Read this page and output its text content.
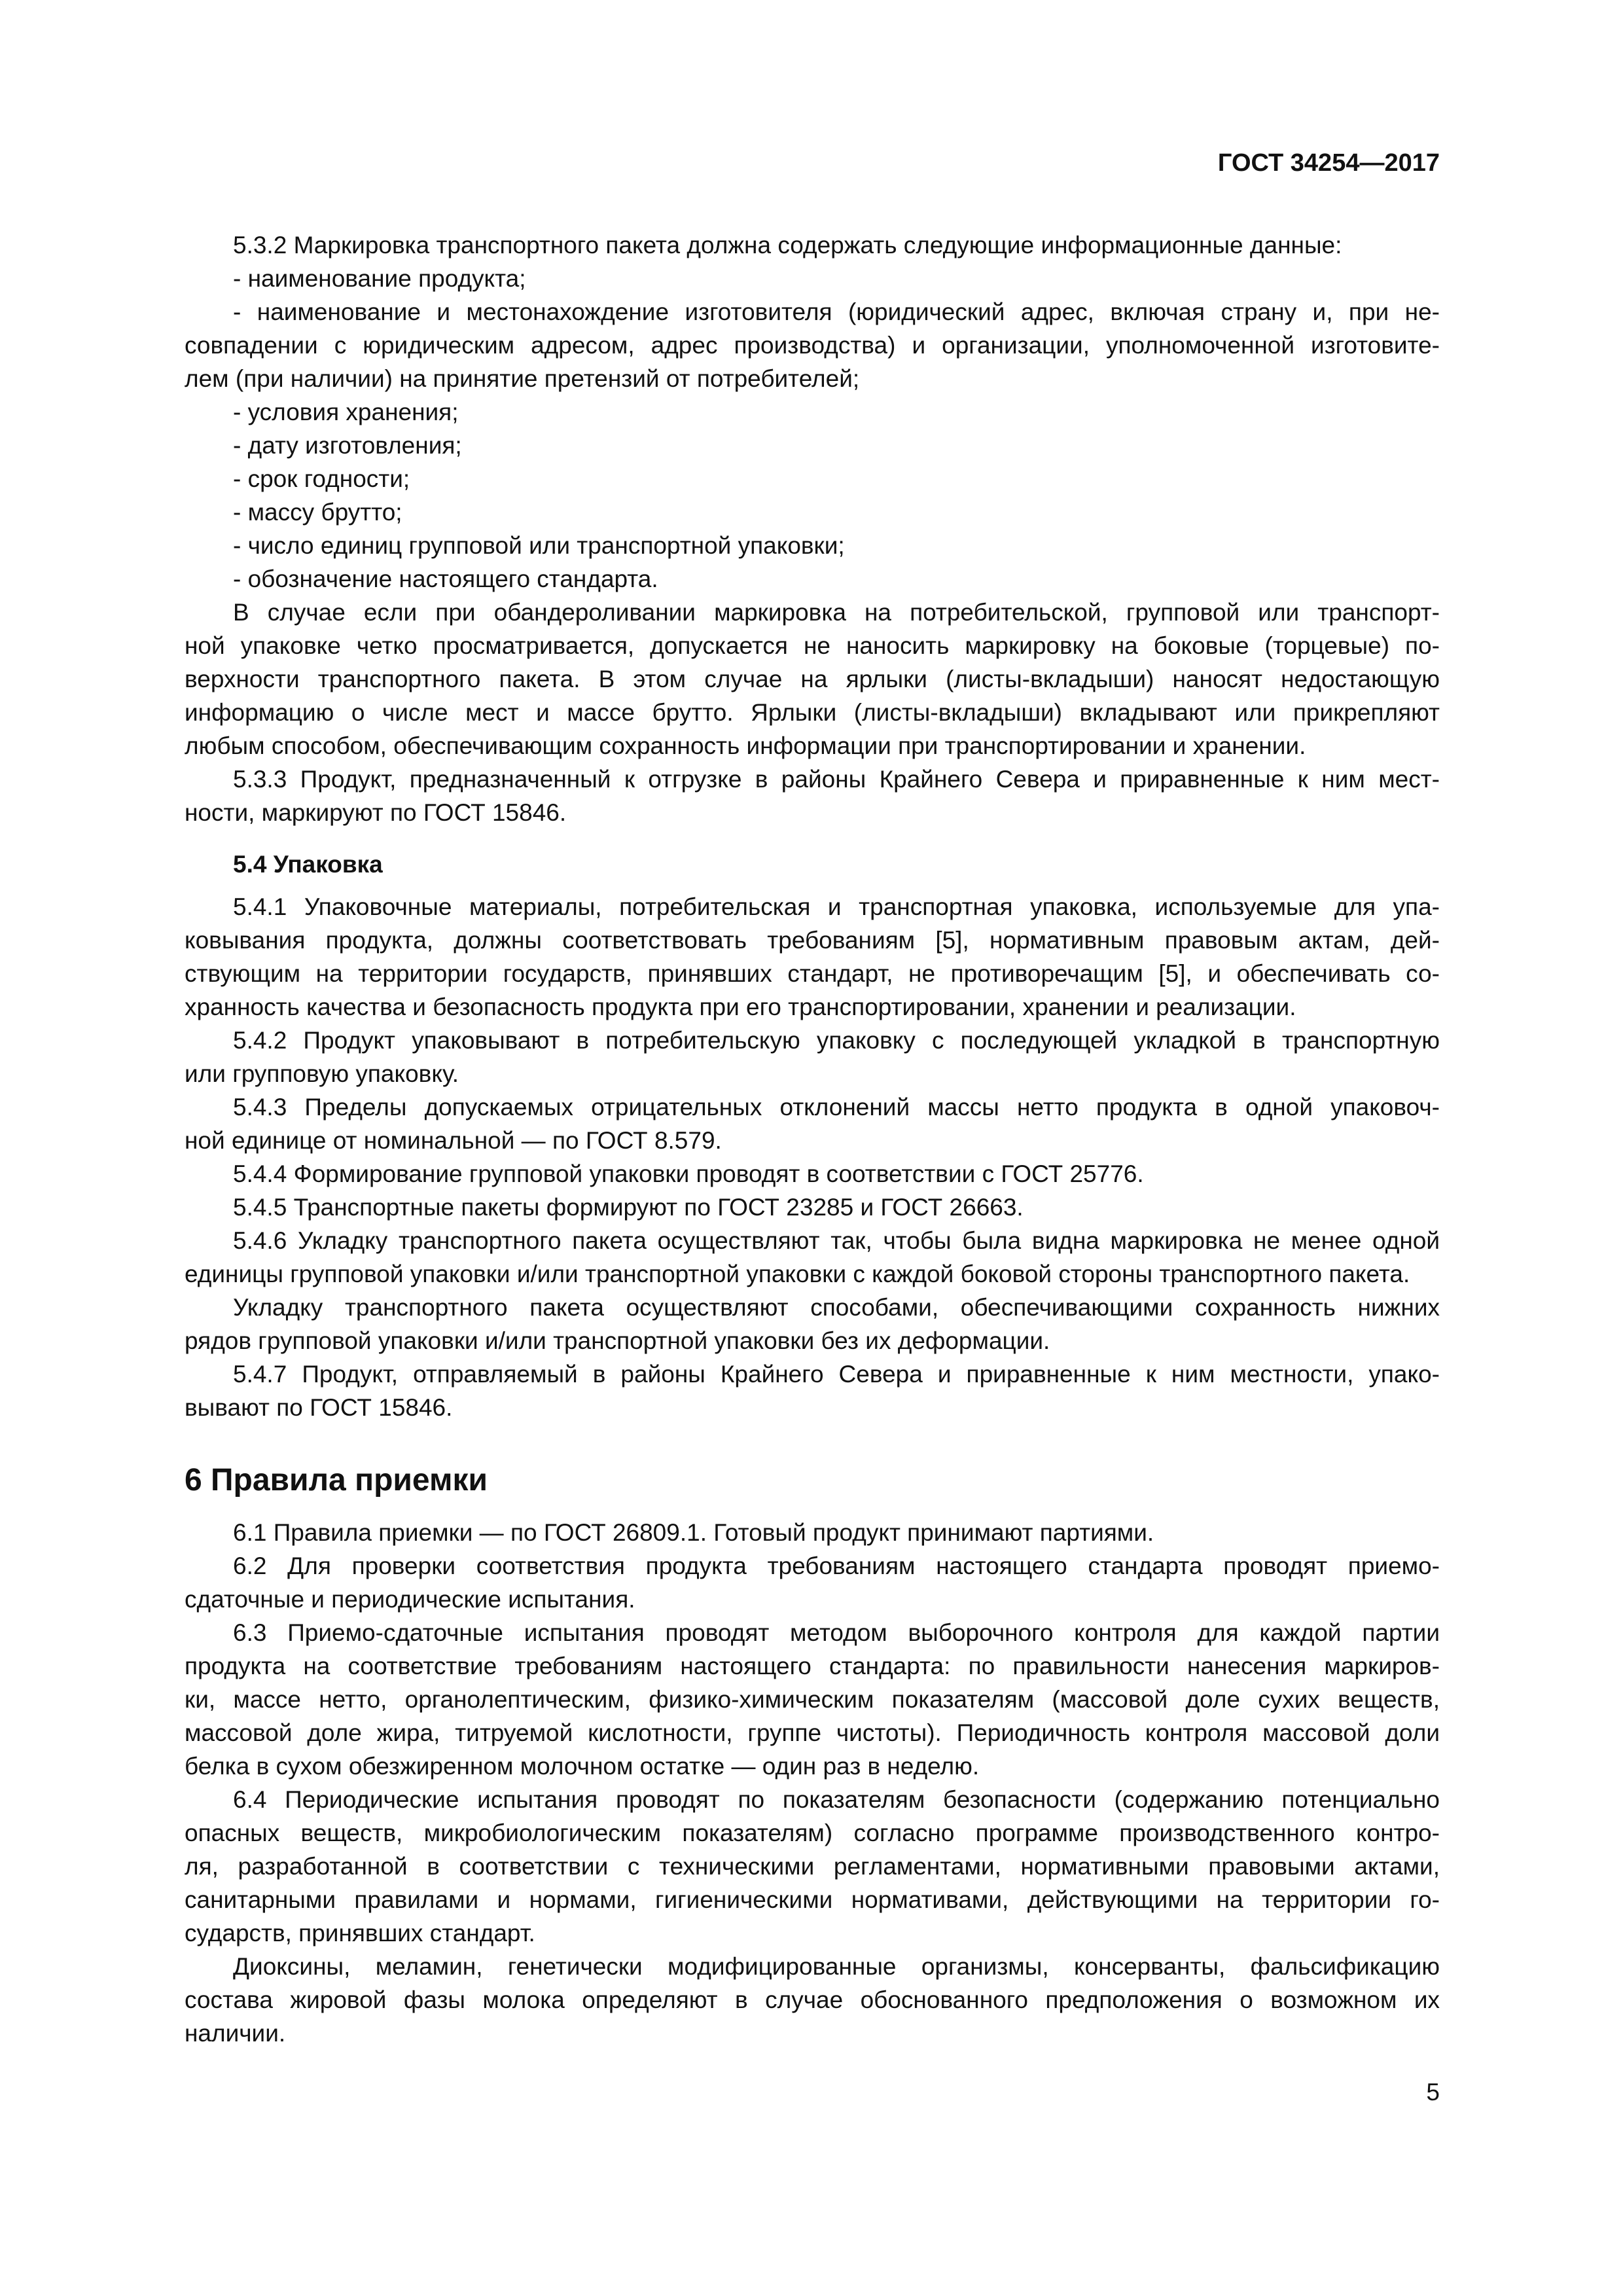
ГОСТ 34254—2017
5.3.2 Маркировка транспортного пакета должна содержать следующие информационные данные:
- наименование продукта;
- наименование и местонахождение изготовителя (юридический адрес, включая страну и, при не-
совпадении с юридическим адресом, адрес производства) и организации, уполномоченной изготовите-
лем (при наличии) на принятие претензий от потребителей;
- условия хранения;
- дату изготовления;
- срок годности;
- массу брутто;
- число единиц групповой или транспортной упаковки;
- обозначение настоящего стандарта.
В случае если при обандероливании маркировка на потребительской, групповой или транспорт-
ной упаковке четко просматривается, допускается не наносить маркировку на боковые (торцевые) по-
верхности транспортного пакета. В этом случае на ярлыки (листы-вкладыши) наносят недостающую
информацию о числе мест и массе брутто. Ярлыки (листы-вкладыши) вкладывают или прикрепляют
любым способом, обеспечивающим сохранность информации при транспортировании и хранении.
5.3.3 Продукт, предназначенный к отгрузке в районы Крайнего Севера и приравненные к ним мест-
ности, маркируют по ГОСТ 15846.
5.4 Упаковка
5.4.1 Упаковочные материалы, потребительская и транспортная упаковка, используемые для упа-
ковывания продукта, должны соответствовать требованиям [5], нормативным правовым актам, дей-
ствующим на территории государств, принявших стандарт, не противоречащим [5], и обеспечивать со-
хранность качества и безопасность продукта при его транспортировании, хранении и реализации.
5.4.2 Продукт упаковывают в потребительскую упаковку с последующей укладкой в транспортную
или групповую упаковку.
5.4.3 Пределы допускаемых отрицательных отклонений массы нетто продукта в одной упаковоч-
ной единице от номинальной — по ГОСТ 8.579.
5.4.4 Формирование групповой упаковки проводят в соответствии с ГОСТ 25776.
5.4.5 Транспортные пакеты формируют по ГОСТ 23285 и ГОСТ 26663.
5.4.6 Укладку транспортного пакета осуществляют так, чтобы была видна маркировка не менее одной
единицы групповой упаковки и/или транспортной упаковки с каждой боковой стороны транспортного пакета.
Укладку транспортного пакета осуществляют способами, обеспечивающими сохранность нижних
рядов групповой упаковки и/или транспортной упаковки без их деформации.
5.4.7 Продукт, отправляемый в районы Крайнего Севера и приравненные к ним местности, упако-
вывают по ГОСТ 15846.
6 Правила приемки
6.1 Правила приемки — по ГОСТ 26809.1. Готовый продукт принимают партиями.
6.2 Для проверки соответствия продукта требованиям настоящего стандарта проводят приемо-
сдаточные и периодические испытания.
6.3 Приемо-сдаточные испытания проводят методом выборочного контроля для каждой партии
продукта на соответствие требованиям настоящего стандарта: по правильности нанесения маркиров-
ки, массе нетто, органолептическим, физико-химическим показателям (массовой доле сухих веществ,
массовой доле жира, титруемой кислотности, группе чистоты). Периодичность контроля массовой доли
белка в сухом обезжиренном молочном остатке — один раз в неделю.
6.4 Периодические испытания проводят по показателям безопасности (содержанию потенциально
опасных веществ, микробиологическим показателям) согласно программе производственного контро-
ля, разработанной в соответствии с техническими регламентами, нормативными правовыми актами,
санитарными правилами и нормами, гигиеническими нормативами, действующими на территории го-
сударств, принявших стандарт.
Диоксины, меламин, генетически модифицированные организмы, консерванты, фальсификацию
состава жировой фазы молока определяют в случае обоснованного предположения о возможном их
наличии.
5
